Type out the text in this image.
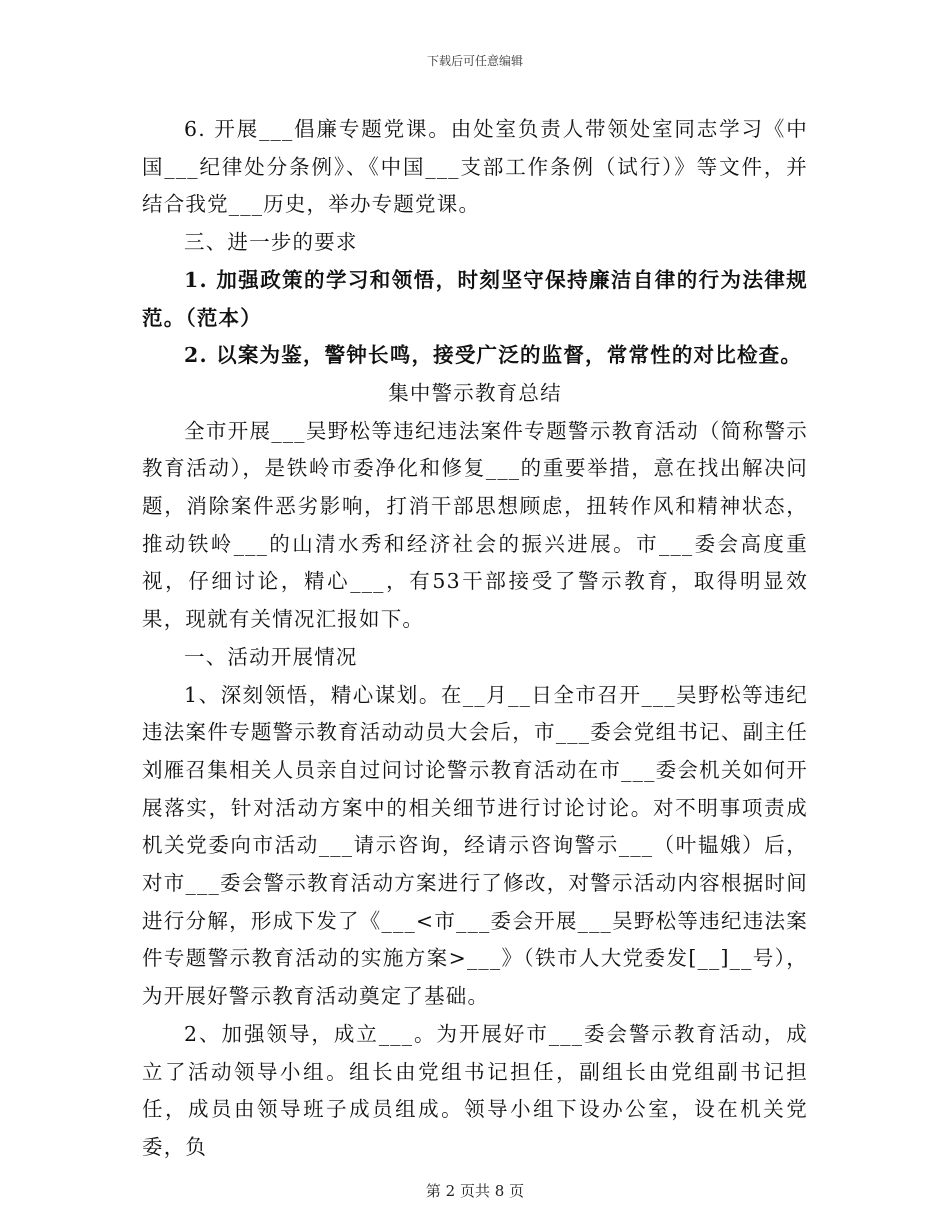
下载后可任意编辑

6. 开展___倡廉专题党课。由处室负责人带领处室同志学习《中国___纪律处分条例》、《中国___支部工作条例（试行）》等文件，并结合我党___历史，举办专题党课。

三、进一步的要求

1. 加强政策的学习和领悟，时刻坚守保持廉洁自律的行为法律规范。（范本）

2. 以案为鉴，警钟长鸣，接受广泛的监督，常常性的对比检查。

集中警示教育总结

全市开展___吴野松等违纪违法案件专题警示教育活动（简称警示教育活动），是铁岭市委净化和修复___的重要举措，意在找出解决问题，消除案件恶劣影响，打消干部思想顾虑，扭转作风和精神状态，推动铁岭___的山清水秀和经济社会的振兴进展。市___委会高度重视，仔细讨论，精心___，有53干部接受了警示教育，取得明显效果，现就有关情况汇报如下。

一、活动开展情况

1、深刻领悟，精心谋划。在__月__日全市召开___吴野松等违纪违法案件专题警示教育活动动员大会后，市___委会党组书记、副主任刘雁召集相关人员亲自过问讨论警示教育活动在市___委会机关如何开展落实，针对活动方案中的相关细节进行讨论讨论。对不明事项责成机关党委向市活动___请示咨询，经请示咨询警示___（叶韫娥）后，对市___委会警示教育活动方案进行了修改，对警示活动内容根据时间进行分解，形成下发了《___<市___委会开展___吴野松等违纪违法案件专题警示教育活动的实施方案>___》（铁市人大党委发[__]__号），为开展好警示教育活动奠定了基础。

2、加强领导，成立___。为开展好市___委会警示教育活动，成立了活动领导小组。组长由党组书记担任，副组长由党组副书记担任，成员由领导班子成员组成。领导小组下设办公室，设在机关党委，负

第 2 页共 8 页
